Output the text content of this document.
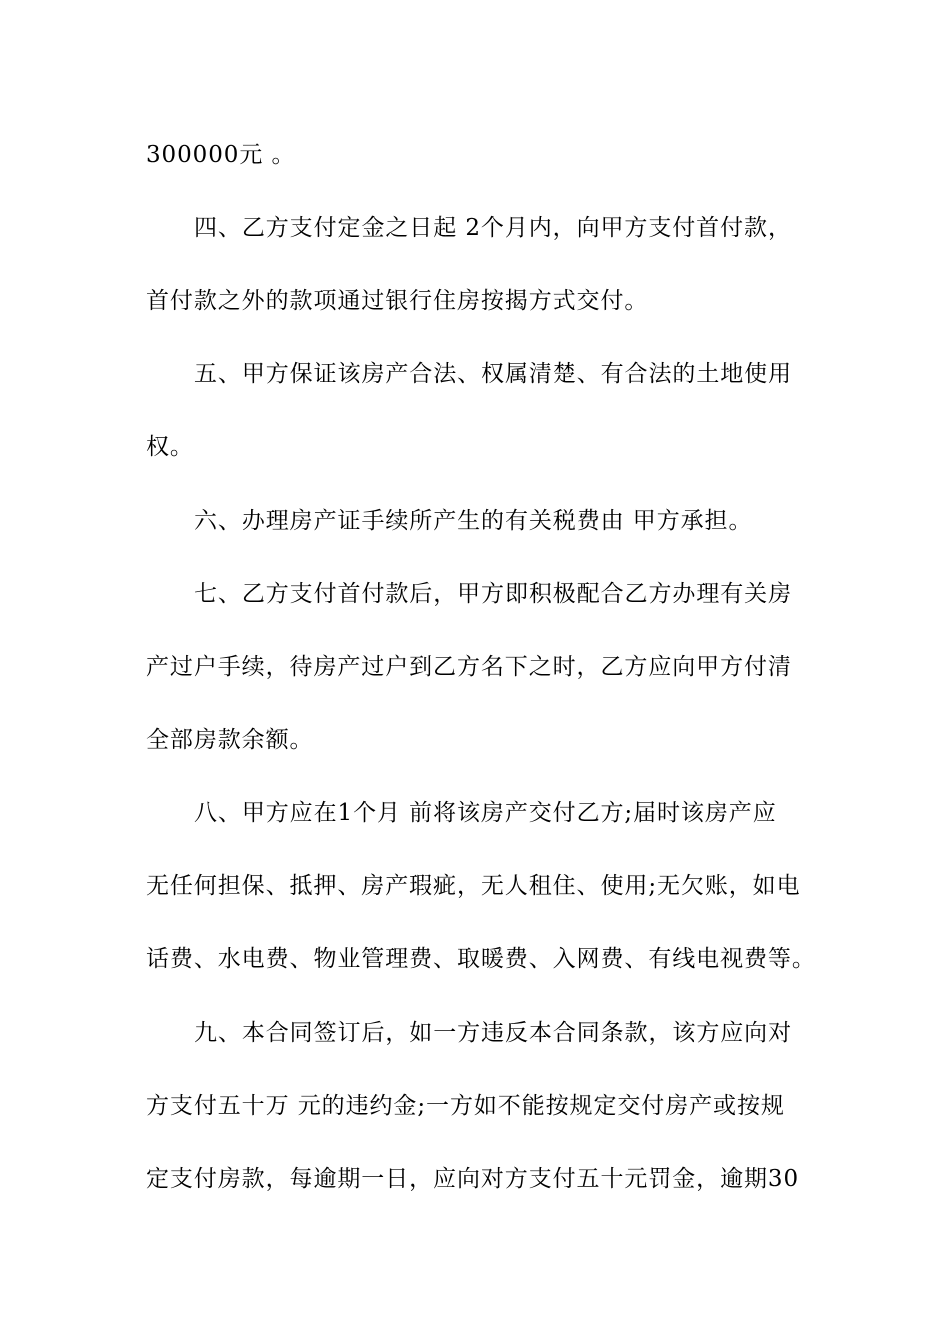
300000元 。
四、乙方支付定金之日起 2个月内，向甲方支付首付款，
首付款之外的款项通过银行住房按揭方式交付。
五、甲方保证该房产合法、权属清楚、有合法的土地使用
权。
六、办理房产证手续所产生的有关税费由 甲方承担。
七、乙方支付首付款后，甲方即积极配合乙方办理有关房
产过户手续，待房产过户到乙方名下之时，乙方应向甲方付清
全部房款余额。
八、甲方应在1个月 前将该房产交付乙方;届时该房产应
无任何担保、抵押、房产瑕疵，无人租住、使用;无欠账，如电
话费、水电费、物业管理费、取暖费、入网费、有线电视费等。
九、本合同签订后，如一方违反本合同条款，该方应向对
方支付五十万 元的违约金;一方如不能按规定交付房产或按规
定支付房款，每逾期一日，应向对方支付五十元罚金，逾期30
